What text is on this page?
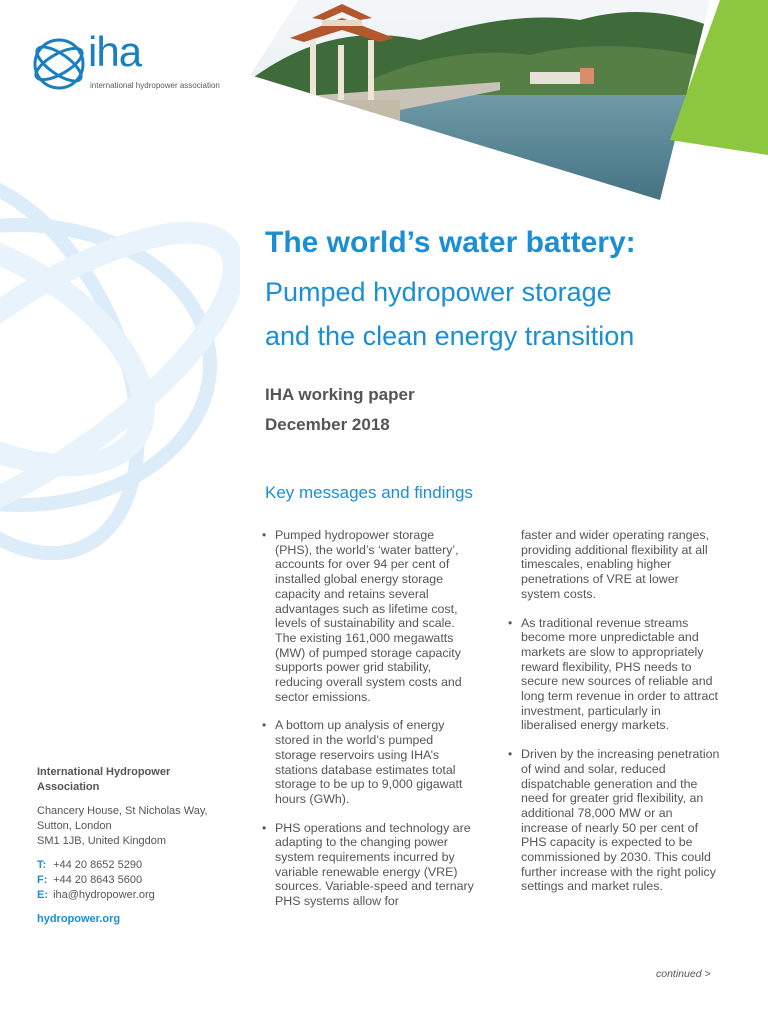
iha
international hydropower association
The world’s water battery:
Pumped hydropower storage
and the clean energy transition
IHA working paper
December 2018
Key messages and findings
• Pumped hydropower storage (PHS), the world’s ‘water battery’, accounts for over 94 per cent of installed global energy storage capacity and retains several advantages such as lifetime cost, levels of sustainability and scale. The existing 161,000 megawatts (MW) of pumped storage capacity supports power grid stability, reducing overall system costs and sector emissions.
• A bottom up analysis of energy stored in the world’s pumped storage reservoirs using IHA’s stations database estimates total storage to be up to 9,000 gigawatt hours (GWh).
• PHS operations and technology are adapting to the changing power system requirements incurred by variable renewable energy (VRE) sources. Variable-speed and ternary PHS systems allow for
faster and wider operating ranges, providing additional flexibility at all timescales, enabling higher penetrations of VRE at lower system costs.
• As traditional revenue streams become more unpredictable and markets are slow to appropriately reward flexibility, PHS needs to secure new sources of reliable and long term revenue in order to attract investment, particularly in liberalised energy markets.
• Driven by the increasing penetration of wind and solar, reduced dispatchable generation and the need for greater grid flexibility, an additional 78,000 MW or an increase of nearly 50 per cent of PHS capacity is expected to be commissioned by 2030. This could further increase with the right policy settings and market rules.
International Hydropower Association
Chancery House, St Nicholas Way,
Sutton, London
SM1 1JB, United Kingdom
T: +44 20 8652 5290
F: +44 20 8643 5600
E: iha@hydropower.org
hydropower.org
continued >
